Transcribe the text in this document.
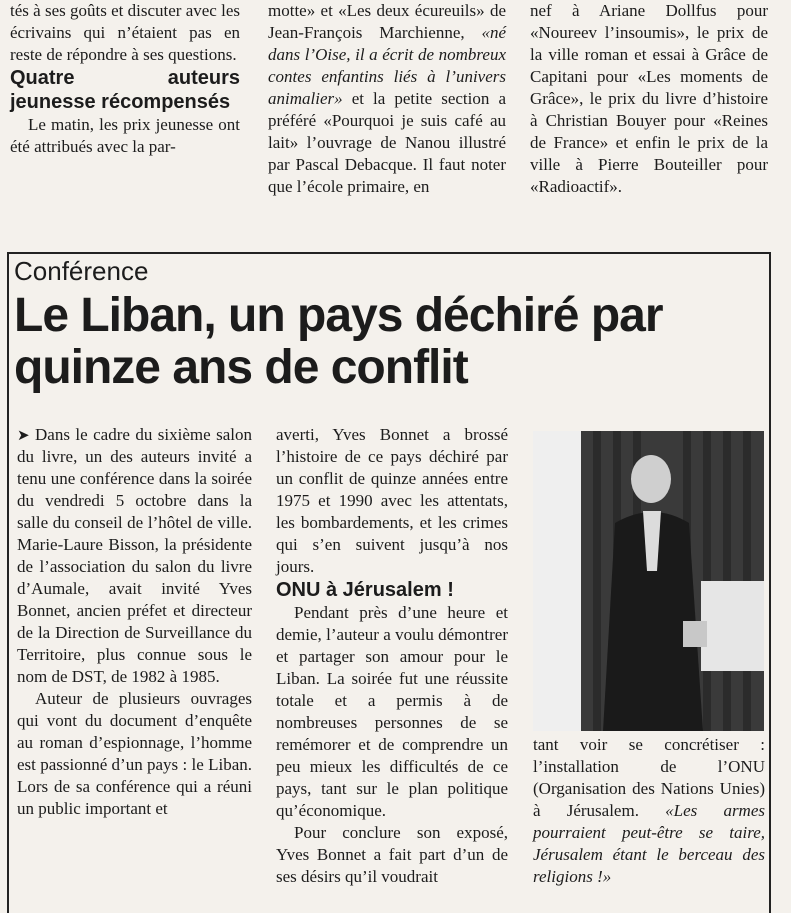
tés à ses goûts et discuter avec les écrivains qui n’étaient pas en reste de répondre à ses questions.

Quatre auteurs jeunesse récompensés

Le matin, les prix jeunesse ont été attribués avec la par-

motte» et «Les deux écureuils» de Jean-François Marchienne, «né dans l’Oise, il a écrit de nombreux contes enfantins liés à l’univers animalier» et la petite section a préféré «Pourquoi je suis café au lait» l’ouvrage de Nanou illustré par Pascal Debacque. Il faut noter que l’école primaire, en

nef à Ariane Dollfus pour «Noureev l’insoumis», le prix de la ville roman et essai à Grâce de Capitani pour «Les moments de Grâce», le prix du livre d’histoire à Christian Bouyer pour «Reines de France» et enfin le prix de la ville à Pierre Bouteiller pour «Radioactif».

Conférence
Le Liban, un pays déchiré par quinze ans de conflit

➤ Dans le cadre du sixième salon du livre, un des auteurs invité a tenu une conférence dans la soirée du vendredi 5 octobre dans la salle du conseil de l’hôtel de ville. Marie-Laure Bisson, la présidente de l’association du salon du livre d’Aumale, avait invité Yves Bonnet, ancien préfet et directeur de la Direction de Surveillance du Territoire, plus connue sous le nom de DST, de 1982 à 1985.

Auteur de plusieurs ouvrages qui vont du document d’enquête au roman d’espionnage, l’homme est passionné d’un pays : le Liban. Lors de sa conférence qui a réuni un public important et

averti, Yves Bonnet a brossé l’histoire de ce pays déchiré par un conflit de quinze années entre 1975 et 1990 avec les attentats, les bombardements, et les crimes qui s’en suivent jusqu’à nos jours.

ONU à Jérusalem !

Pendant près d’une heure et demie, l’auteur a voulu démontrer et partager son amour pour le Liban. La soirée fut une réussite totale et a permis à de nombreuses personnes de se remémorer et de comprendre un peu mieux les difficultés de ce pays, tant sur le plan politique qu’économique.

Pour conclure son exposé, Yves Bonnet a fait part d’un de ses désirs qu’il voudrait

tant voir se concrétiser : l’installation de l’ONU (Organisation des Nations Unies) à Jérusalem. «Les armes pourraient peut-être se taire, Jérusalem étant le berceau des religions !»
